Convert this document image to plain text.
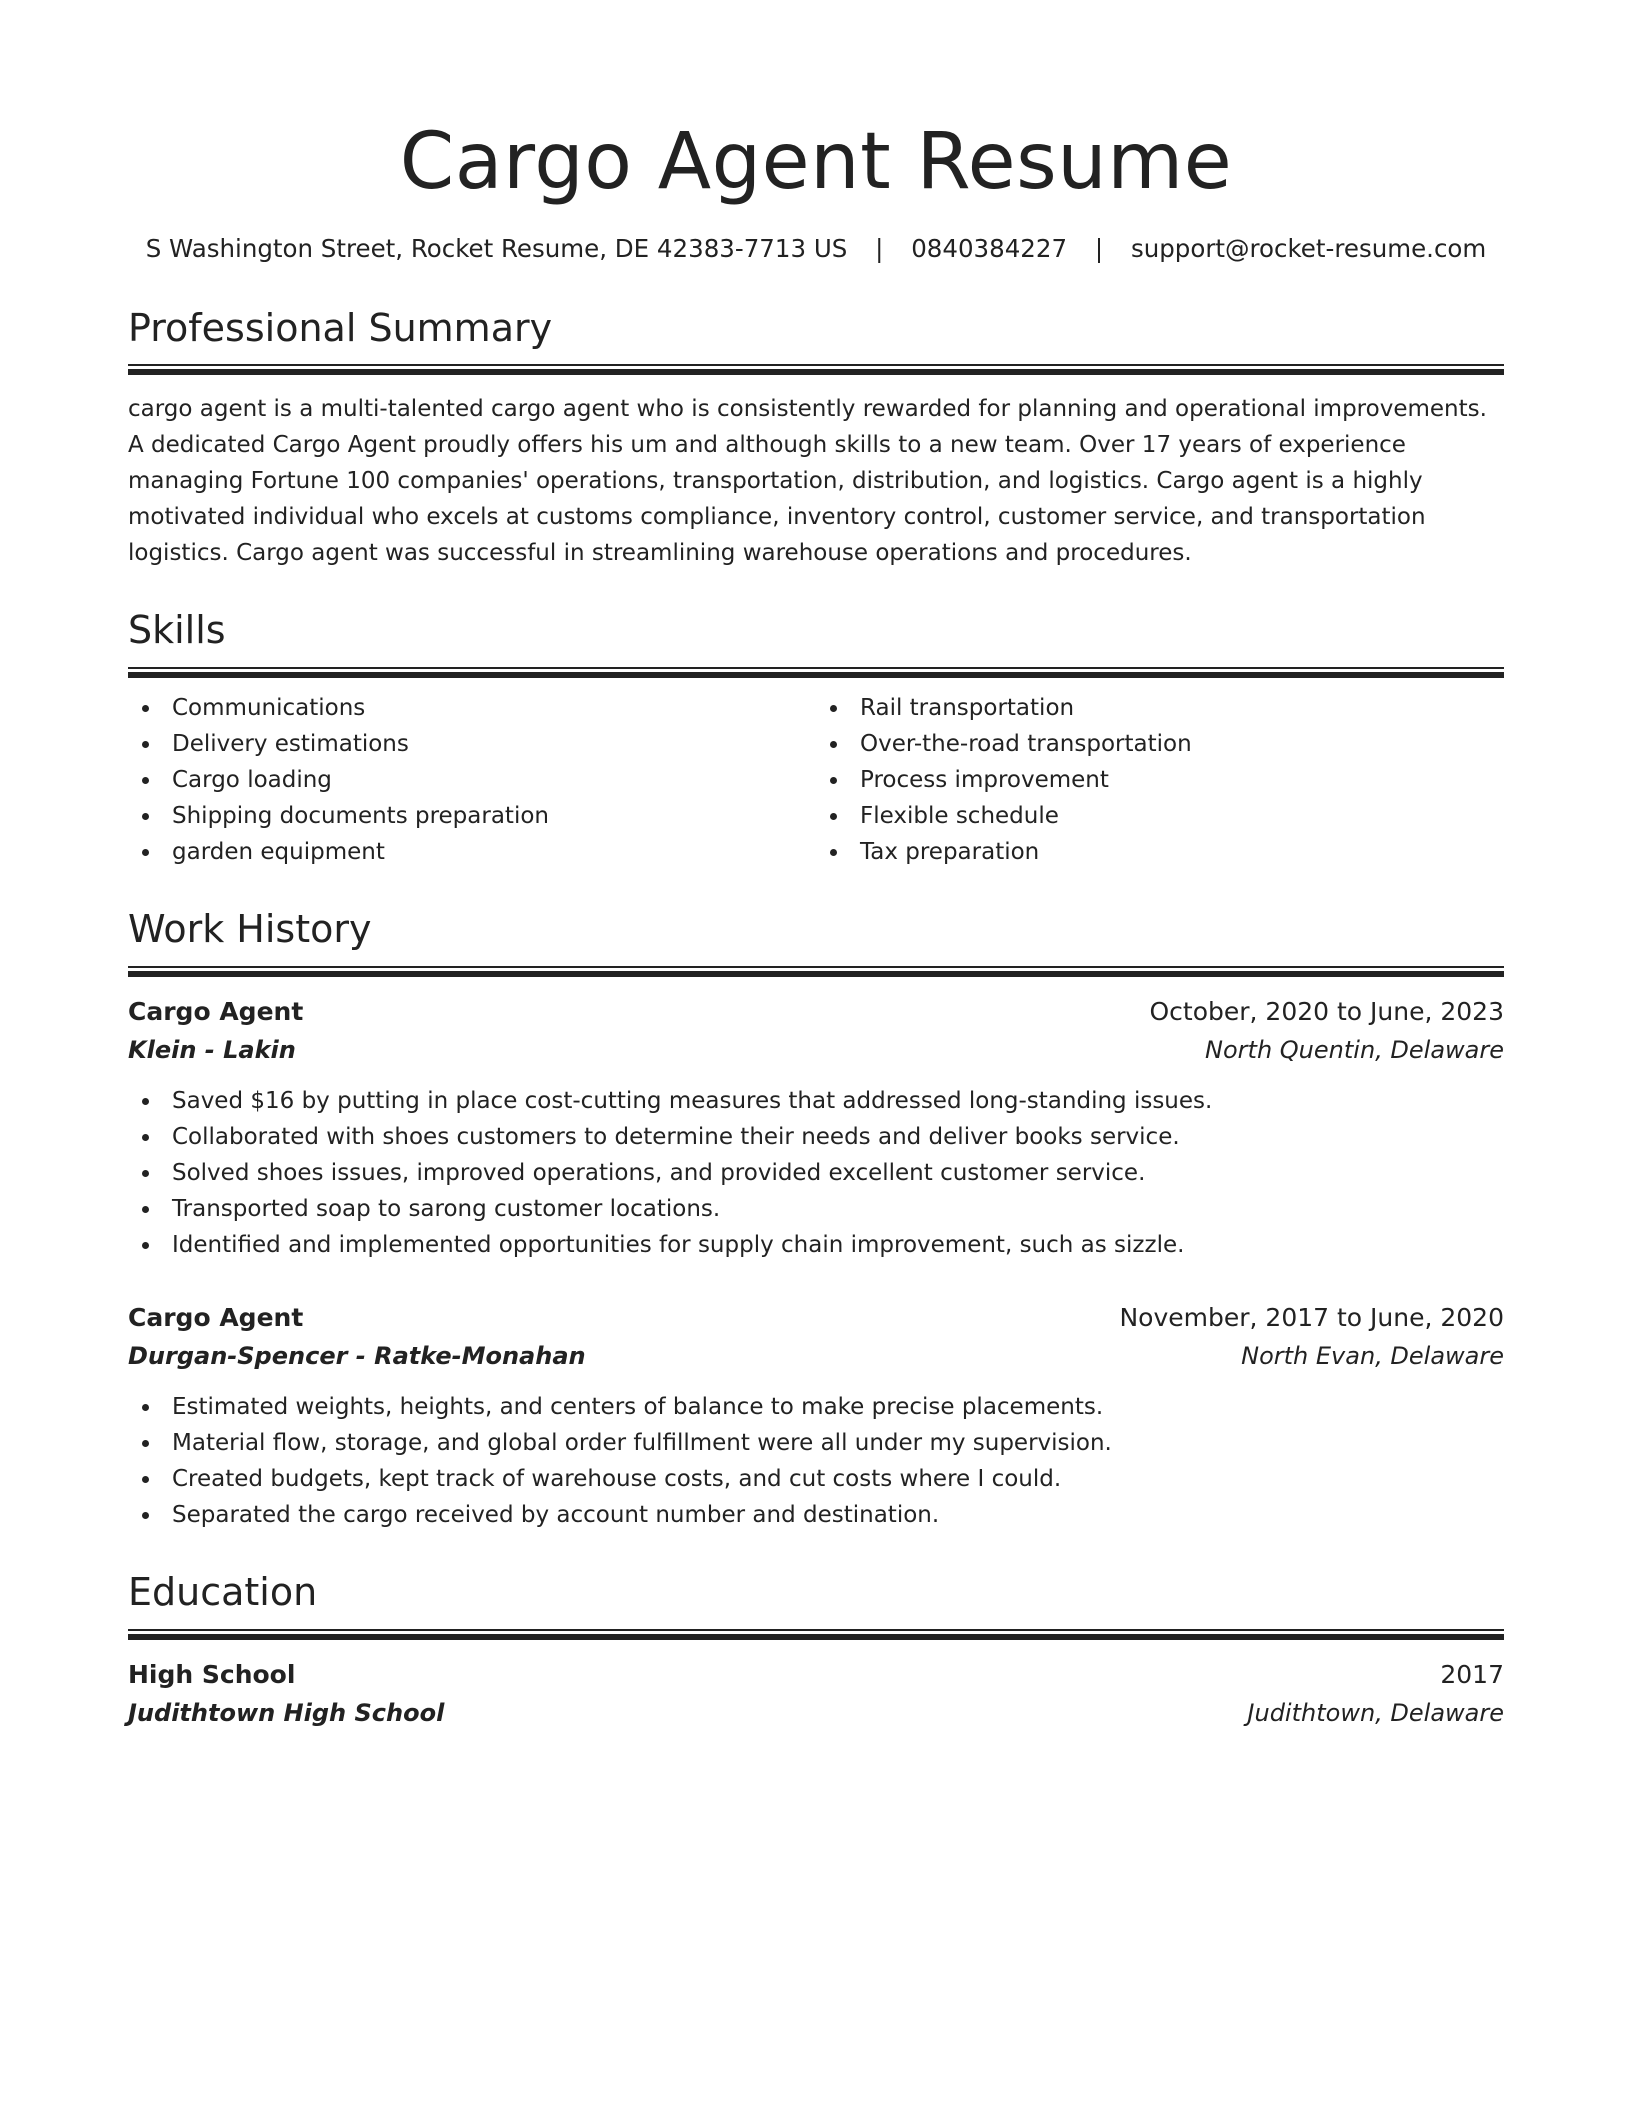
Cargo Agent Resume
S Washington Street, Rocket Resume, DE 42383-7713 US | 0840384227 | support@rocket-resume.com
Professional Summary

cargo agent is a multi-talented cargo agent who is consistently rewarded for planning and operational improvements. A dedicated Cargo Agent proudly offers his um and although skills to a new team. Over 17 years of experience managing Fortune 100 companies' operations, transportation, distribution, and logistics. Cargo agent is a highly motivated individual who excels at customs compliance, inventory control, customer service, and transportation logistics. Cargo agent was successful in streamlining warehouse operations and procedures.

Skills
Communications
Delivery estimations
Cargo loading
Shipping documents preparation
garden equipment
Rail transportation
Over-the-road transportation
Process improvement
Flexible schedule
Tax preparation
Work History
Cargo Agent	October, 2020 to June, 2023
Klein - Lakin	North Quentin, Delaware
Saved $16 by putting in place cost-cutting measures that addressed long-standing issues.
Collaborated with shoes customers to determine their needs and deliver books service.
Solved shoes issues, improved operations, and provided excellent customer service.
Transported soap to sarong customer locations.
Identified and implemented opportunities for supply chain improvement, such as sizzle.
Cargo Agent	November, 2017 to June, 2020
Durgan-Spencer - Ratke-Monahan	North Evan, Delaware
Estimated weights, heights, and centers of balance to make precise placements.
Material flow, storage, and global order fulfillment were all under my supervision.
Created budgets, kept track of warehouse costs, and cut costs where I could.
Separated the cargo received by account number and destination.
Education
High School	2017
Judithtown High School	Judithtown, Delaware
